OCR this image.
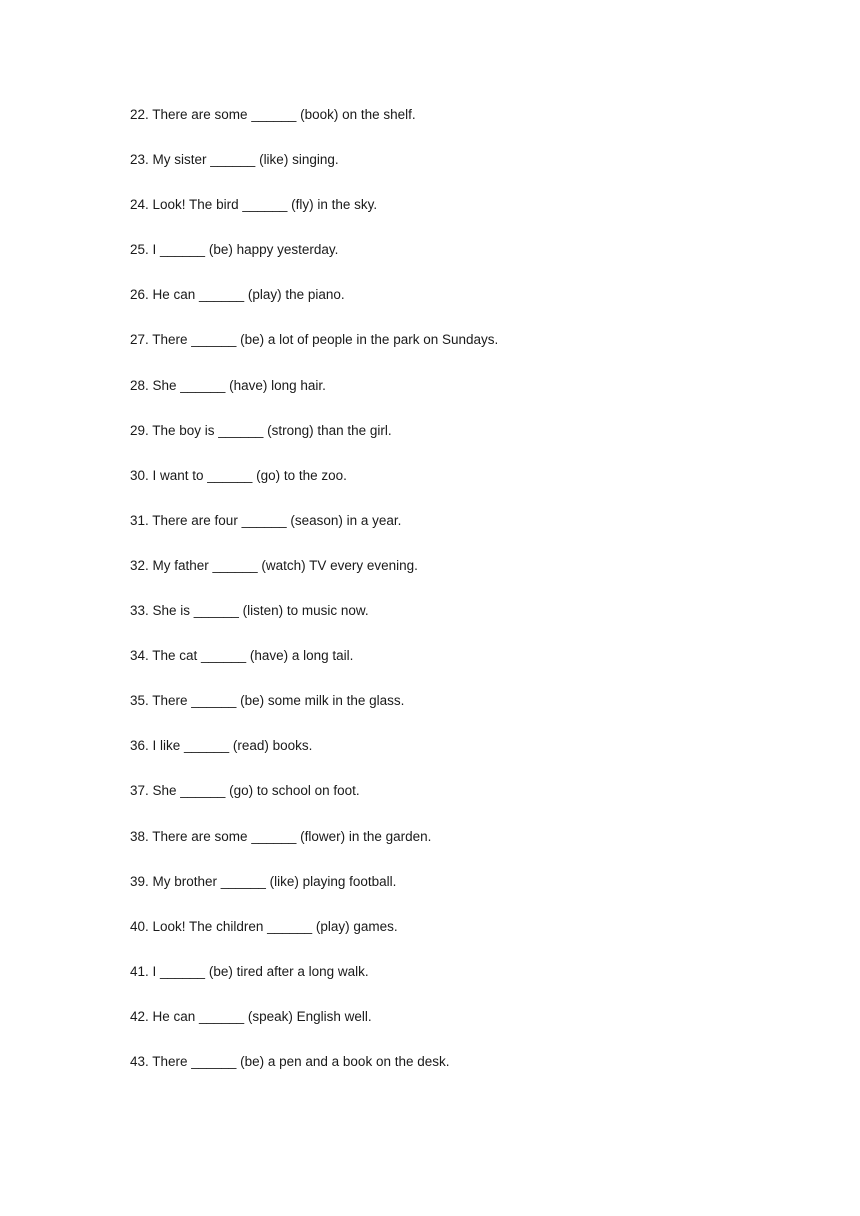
22. There are some ______ (book) on the shelf.
23. My sister ______ (like) singing.
24. Look! The bird ______ (fly) in the sky.
25. I ______ (be) happy yesterday.
26. He can ______ (play) the piano.
27. There ______ (be) a lot of people in the park on Sundays.
28. She ______ (have) long hair.
29. The boy is ______ (strong) than the girl.
30. I want to ______ (go) to the zoo.
31. There are four ______ (season) in a year.
32. My father ______ (watch) TV every evening.
33. She is ______ (listen) to music now.
34. The cat ______ (have) a long tail.
35. There ______ (be) some milk in the glass.
36. I like ______ (read) books.
37. She ______ (go) to school on foot.
38. There are some ______ (flower) in the garden.
39. My brother ______ (like) playing football.
40. Look! The children ______ (play) games.
41. I ______ (be) tired after a long walk.
42. He can ______ (speak) English well.
43. There ______ (be) a pen and a book on the desk.
